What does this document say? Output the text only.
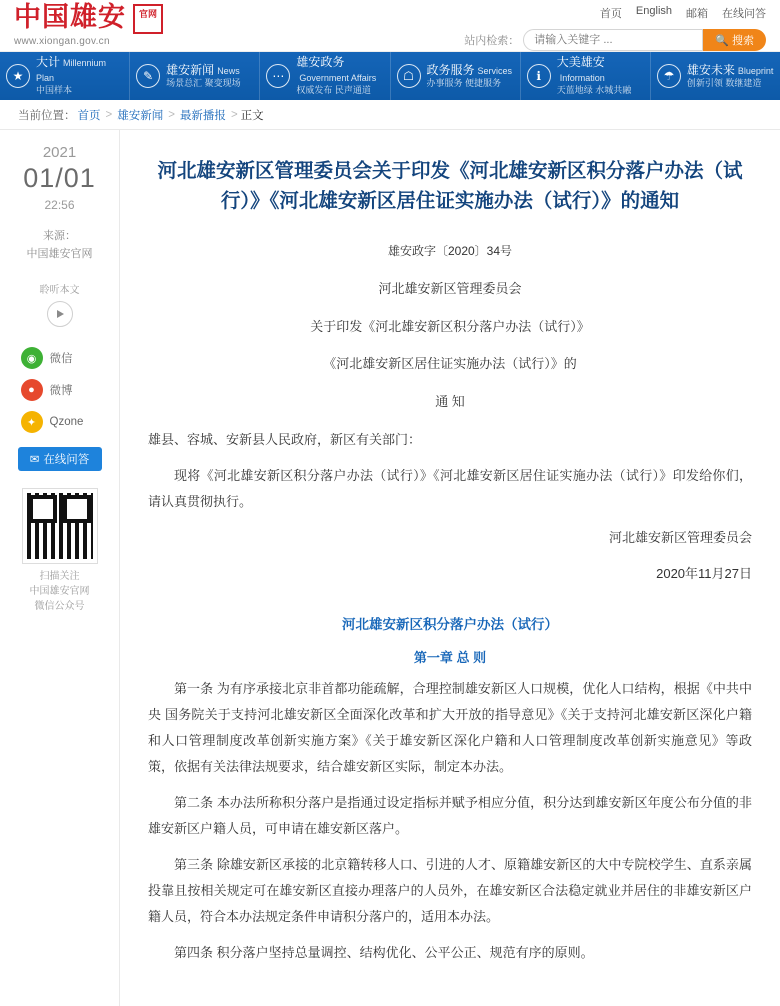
中国雄安
www.xiongan.gov.cn
官网	首页 English 邮箱 在线问答
站内检索：
请输入关键字 ...	🔍 搜索
★
大计 Millennium Plan
中国样本
✎	雄安新闻 News
场景总汇 聚变现场	⋯
雄安政务Government Affairs
权威发布 民声通道
☖	政务服务 Services
办事服务 便捷服务	ℹ
大美雄安Information
天蓝地绿 水城共融
☂	雄安未来 Blueprint
创新引领 数继建造
当前位置： 首页 > 雄安新闻 > 最新播报 > 正文
2021
01/01
22:56
来源：
中国雄安官网
聆听本文
◉	微信
●	微博
✦	Qzone
✉ 在线问答
扫描关注
中国雄安官网
微信公众号
河北雄安新区管理委员会关于印发《河北雄安新区积分落户办法（试行）》《河北雄安新区居住证实施办法（试行）》的通知
雄安政字〔2020〕34号
河北雄安新区管理委员会
关于印发《河北雄安新区积分落户办法（试行）》
《河北雄安新区居住证实施办法（试行）》的
通 知
雄县、容城、安新县人民政府，新区有关部门：
现将《河北雄安新区积分落户办法（试行）》《河北雄安新区居住证实施办法（试行）》印发给你们，请认真贯彻执行。
河北雄安新区管理委员会
2020年11月27日
河北雄安新区积分落户办法（试行）
第一章 总 则
第一条 为有序承接北京非首都功能疏解，合理控制雄安新区人口规模，优化人口结构，根据《中共中央 国务院关于支持河北雄安新区全面深化改革和扩大开放的指导意见》《关于支持河北雄安新区深化户籍和人口管理制度改革创新实施方案》《关于雄安新区深化户籍和人口管理制度改革创新实施意见》等政策，依据有关法律法规要求，结合雄安新区实际，制定本办法。
第二条 本办法所称积分落户是指通过设定指标并赋予相应分值，积分达到雄安新区年度公布分值的非雄安新区户籍人员，可申请在雄安新区落户。
第三条 除雄安新区承接的北京籍转移人口、引进的人才、原籍雄安新区的大中专院校学生、直系亲属投靠且按相关规定可在雄安新区直接办理落户的人员外，在雄安新区合法稳定就业并居住的非雄安新区户籍人员，符合本办法规定条件申请积分落户的，适用本办法。
第四条 积分落户坚持总量调控、结构优化、公平公正、规范有序的原则。
